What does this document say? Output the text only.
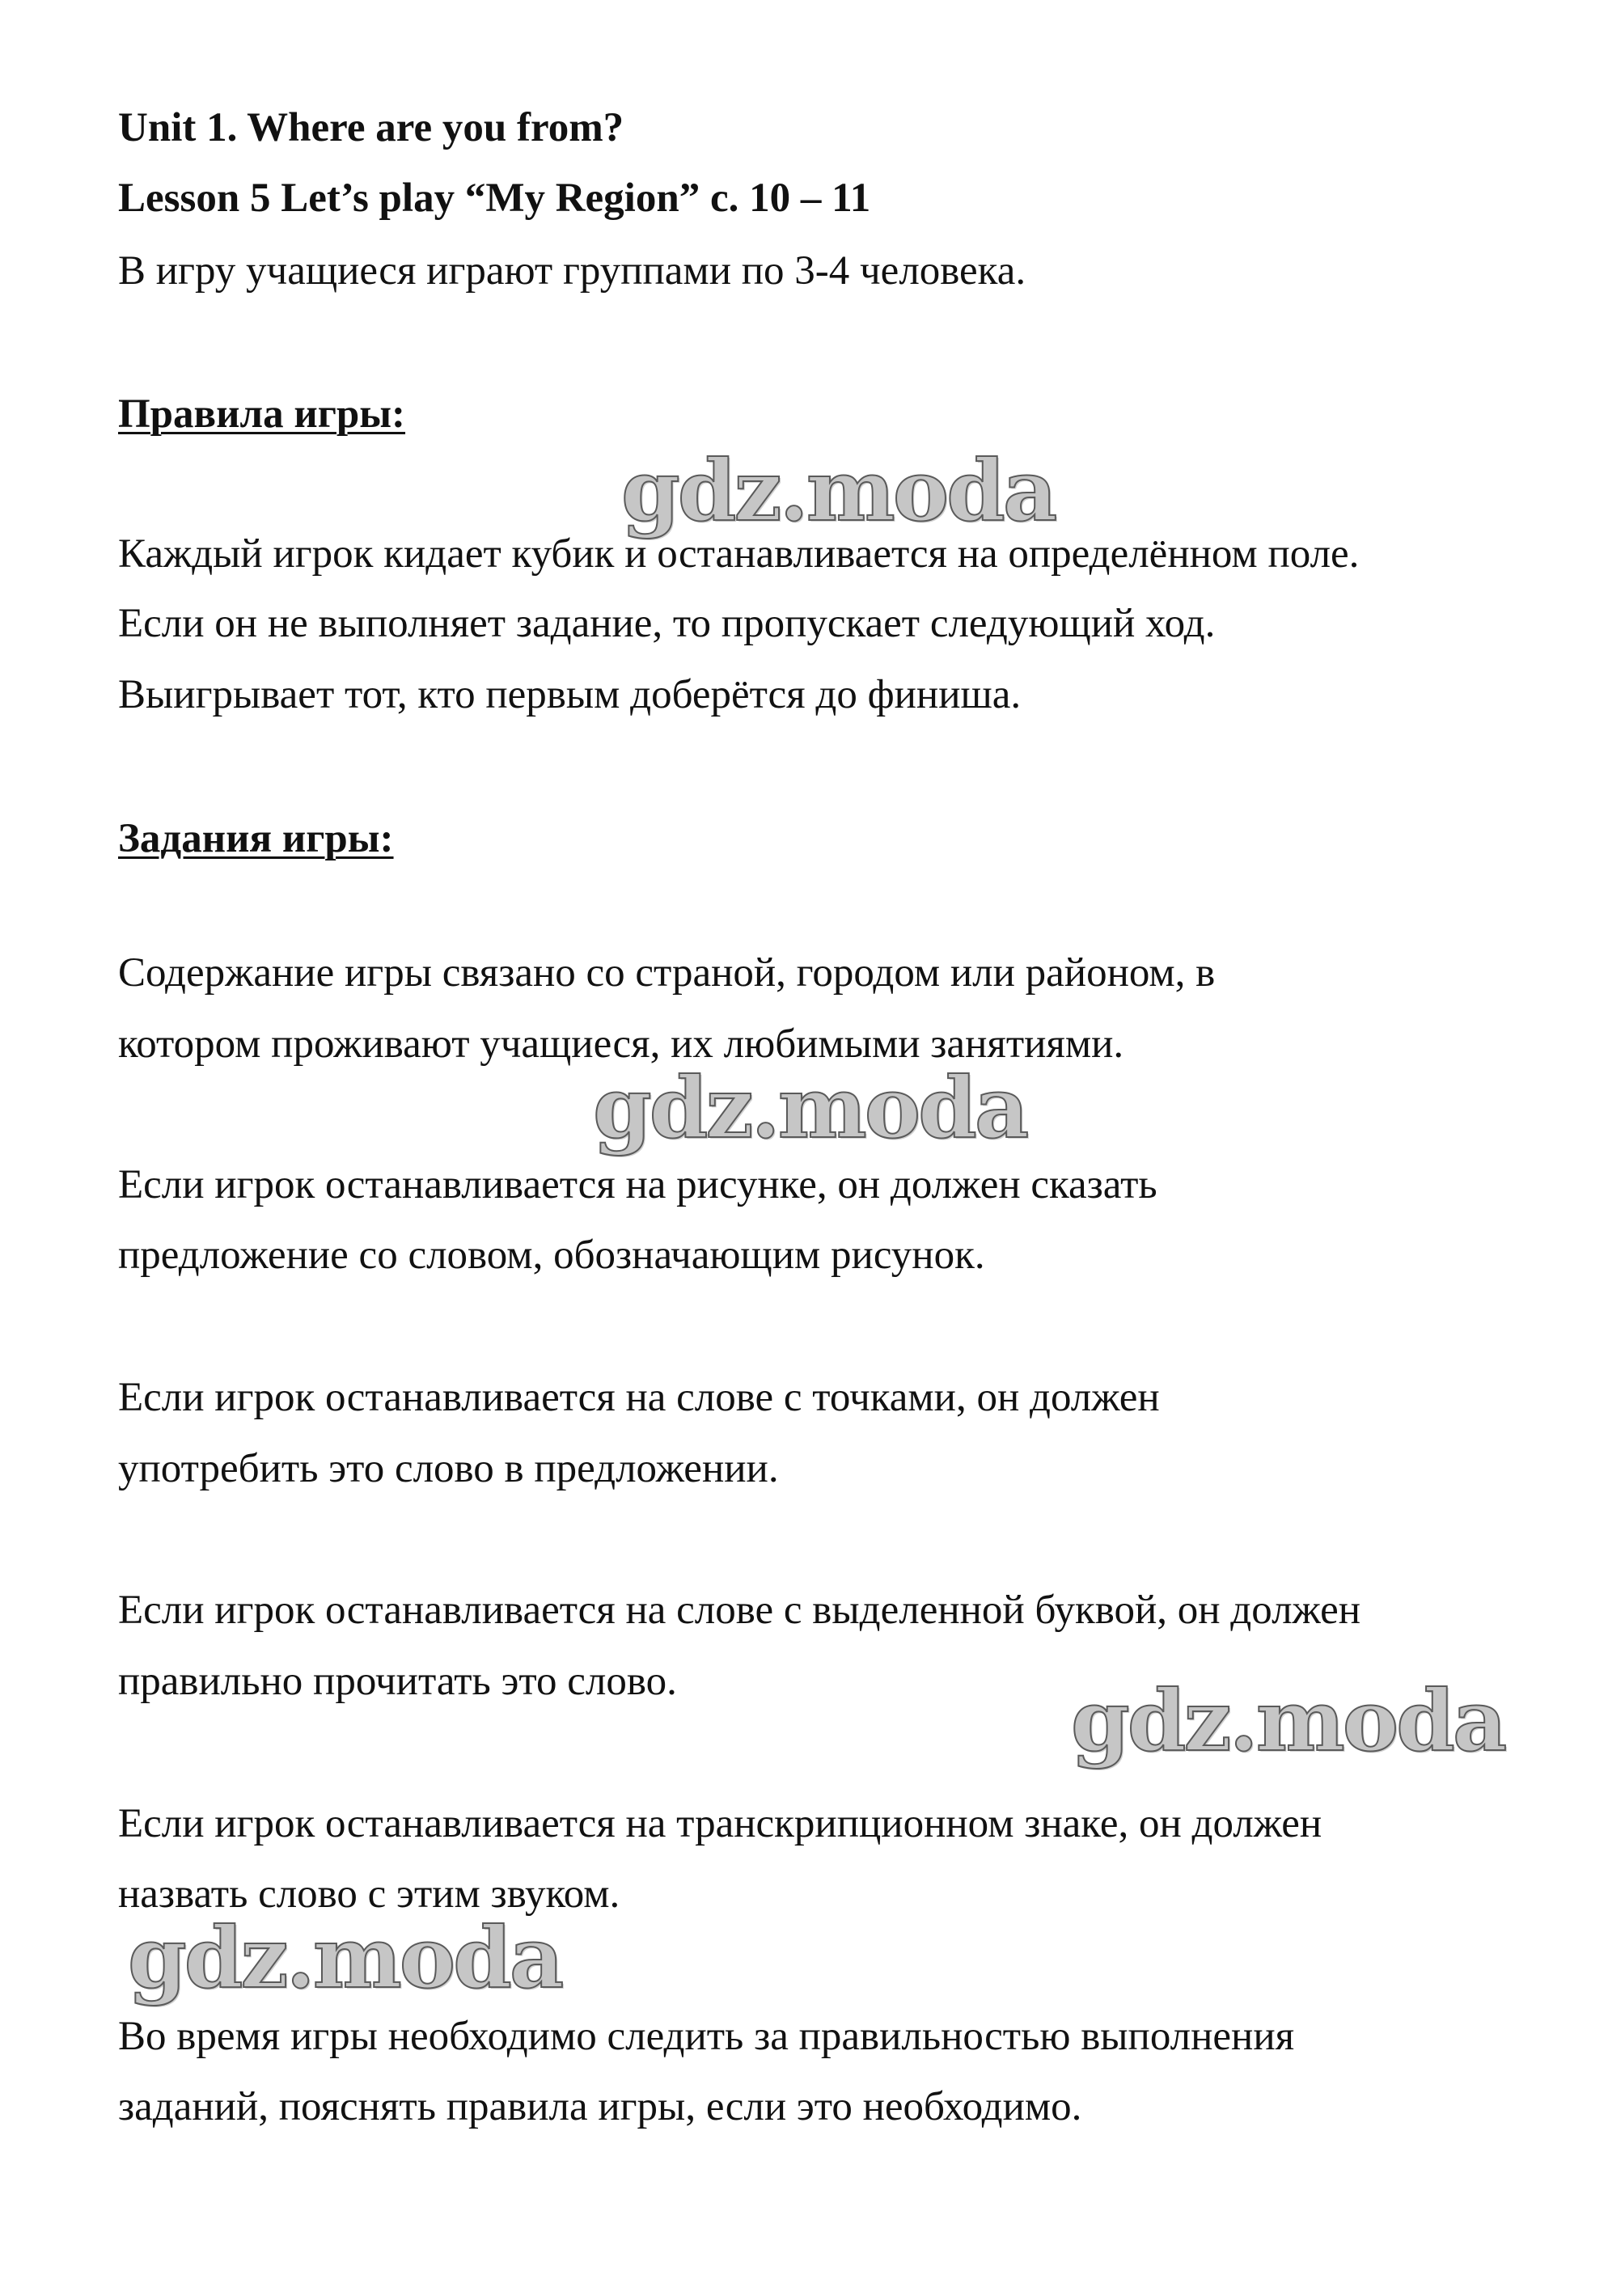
Unit 1. Where are you from?

Lesson 5 Let’s play “My Region” с. 10 – 11

В игру учащиеся играют группами по 3-4 человека.

Правила игры:

gdz.moda

Каждый игрок кидает кубик и останавливается на определённом поле.

Если он не выполняет задание, то пропускает следующий ход.

Выигрывает тот, кто первым доберётся до финиша.

Задания игры:

Содержание игры связано со страной, городом или районом, в

котором проживают учащиеся, их любимыми занятиями.

gdz.moda

Если игрок останавливается на рисунке, он должен сказать

предложение со словом, обозначающим рисунок.

Если игрок останавливается на слове с точками, он должен

употребить это слово в предложении.

Если игрок останавливается на слове с выделенной буквой, он должен

правильно прочитать это слово.	gdz.moda

Если игрок останавливается на транскрипционном знаке, он должен

назвать слово с этим звуком.

gdz.moda

Во время игры необходимо следить за правильностью выполнения

заданий, пояснять правила игры, если это необходимо.
